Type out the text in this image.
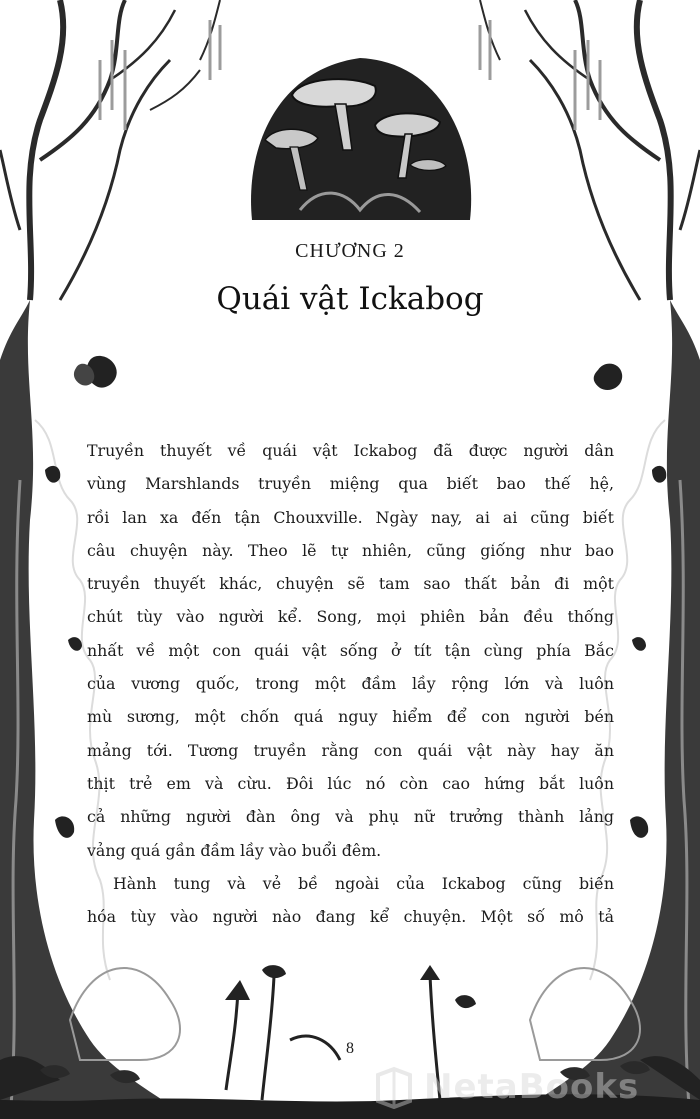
CHƯƠNG 2
Quái vật Ickabog
Truyền thuyết về quái vật Ickabog đã được người dân
vùng Marshlands truyền miệng qua biết bao thế hệ,
rồi lan xa đến tận Chouxville. Ngày nay, ai ai cũng biết
câu chuyện này. Theo lẽ tự nhiên, cũng giống như bao
truyền thuyết khác, chuyện sẽ tam sao thất bản đi một
chút tùy vào người kể. Song, mọi phiên bản đều thống
nhất về một con quái vật sống ở tít tận cùng phía Bắc
của vương quốc, trong một đầm lầy rộng lớn và luôn
mù sương, một chốn quá nguy hiểm để con người bén
mảng tới. Tương truyền rằng con quái vật này hay ăn
thịt trẻ em và cừu. Đôi lúc nó còn cao hứng bắt luôn
cả những người đàn ông và phụ nữ trưởng thành lảng
vảng quá gần đầm lầy vào buổi đêm.
Hành tung và vẻ bề ngoài của Ickabog cũng biến
hóa tùy vào người nào đang kể chuyện. Một số mô tả
8
NetaBooks
